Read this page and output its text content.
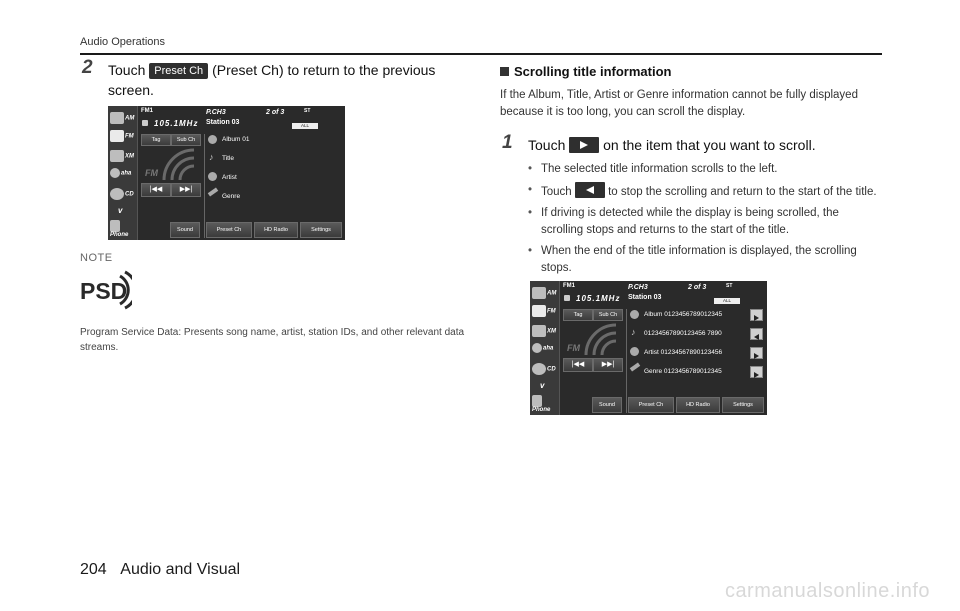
Audio Operations
2 Touch Preset Ch (Preset Ch) to return to the previous screen.
AM
FM
XM
aha
CD
v
Phone
FM1
105.1MHz
P.CH3
Station 03
2 of 3	ST
ALL
Tag	Sub Ch
FM
|◀◀	▶▶|
Album 01
♪ Title
Artist
Genre
Sound	Preset Ch	HD Radio	Settings
NOTE
PSD
Program Service Data: Presents song name, artist, station IDs, and other relevant data streams.
Scrolling title information
If the Album, Title, Artist or Genre information cannot be fully displayed because it is too long, you can scroll the display.
1 Touch	on the item that you want to scroll.
• The selected title information scrolls to the left.
• Touch	to stop the scrolling and return to the start of the title.
• If driving is detected while the display is being scrolled, the scrolling stops and returns to the start of the title.
• When the end of the title information is displayed, the scrolling stops.
AM
FM
XM
aha
CD
v
Phone
FM1
105.1MHz
P.CH3
Station 03
2 of 3	ST
ALL
Tag	Sub Ch
FM
|◀◀	▶▶|
Album 0123456789012345
♪ 01234567890123456 7890
Artist 01234567890123456
Genre 0123456789012345
Sound	Preset Ch	HD Radio	Settings
204 Audio and Visual
carmanualsonline.info
